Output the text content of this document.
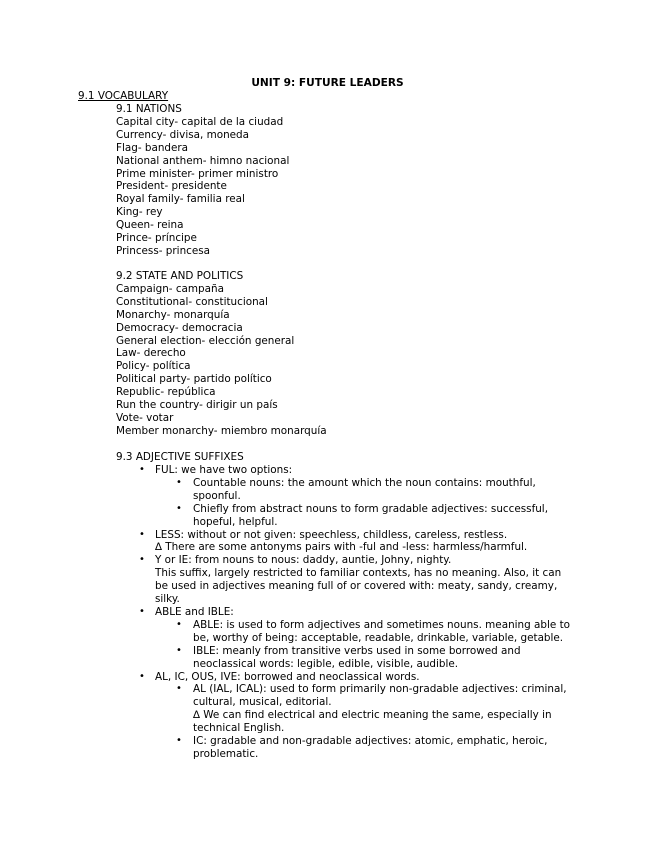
UNIT 9: FUTURE LEADERS
9.1 VOCABULARY
9.1 NATIONS
Capital city- capital de la ciudad
Currency- divisa, moneda
Flag- bandera
National anthem- himno nacional
Prime minister- primer ministro
President- presidente
Royal family- familia real
King- rey
Queen- reina
Prince- príncipe
Princess- princesa
9.2 STATE AND POLITICS
Campaign- campaña
Constitutional- constitucional
Monarchy- monarquía
Democracy- democracia
General election- elección general
Law- derecho
Policy- política
Political party- partido político
Republic- república
Run the country- dirigir un país
Vote- votar
Member monarchy- miembro monarquía
9.3 ADJECTIVE SUFFIXES
• FUL: we have two options:
• Countable nouns: the amount which the noun contains: mouthful, spoonful.
• Chiefly from abstract nouns to form gradable adjectives: successful, hopeful, helpful.
• LESS: without or not given: speechless, childless, careless, restless.
∆ There are some antonyms pairs with -ful and -less: harmless/harmful.
• Y or IE: from nouns to nous: daddy, auntie, Johny, nighty.
This suffix, largely restricted to familiar contexts, has no meaning. Also, it can be used in adjectives meaning full of or covered with: meaty, sandy, creamy, silky.
• ABLE and IBLE:
• ABLE: is used to form adjectives and sometimes nouns. meaning able to be, worthy of being: acceptable, readable, drinkable, variable, getable.
• IBLE: meanly from transitive verbs used in some borrowed and neoclassical words: legible, edible, visible, audible.
• AL, IC, OUS, IVE: borrowed and neoclassical words.
• AL (IAL, ICAL): used to form primarily non-gradable adjectives: criminal, cultural, musical, editorial.
∆ We can find electrical and electric meaning the same, especially in technical English.
• IC: gradable and non-gradable adjectives: atomic, emphatic, heroic, problematic.
